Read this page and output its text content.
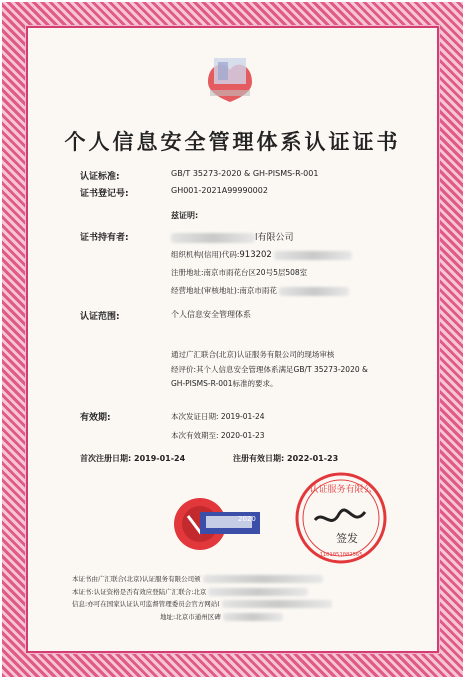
个人信息安全管理体系认证证书
认证标准:	GB/T 35273-2020 & GH-PISMS-R-001
证书登记号:	GH001-2021A99990002
兹证明:
证书持有者:	l有限公司
组织机构(信用)代码:913202
注册地址:南京市雨花台区20号5层508室
经营地址(审核地址):南京市雨花
认证范围:	个人信息安全管理体系
通过广汇联合(北京)认证服务有限公司的现场审核
经评价:其个人信息安全管理体系满足GB/T 35273-2020 &
GH-PISMS-R-001标准的要求。
有效期:	本次发证日期: 2019-01-24
本次有效期至: 2020-01-23
首次注册日期: 2019-01-24	注册有效日期: 2022-01-23
2020
认证服务有限公
1101051082565
签发
本证书由广汇联合(北京)认证服务有限公司颁
本证书:认证资格是否有效应登陆广汇联合:北京
信息:亦可在国家认证认可监督管理委员会官方网站(
地址:北京市通州区碑
